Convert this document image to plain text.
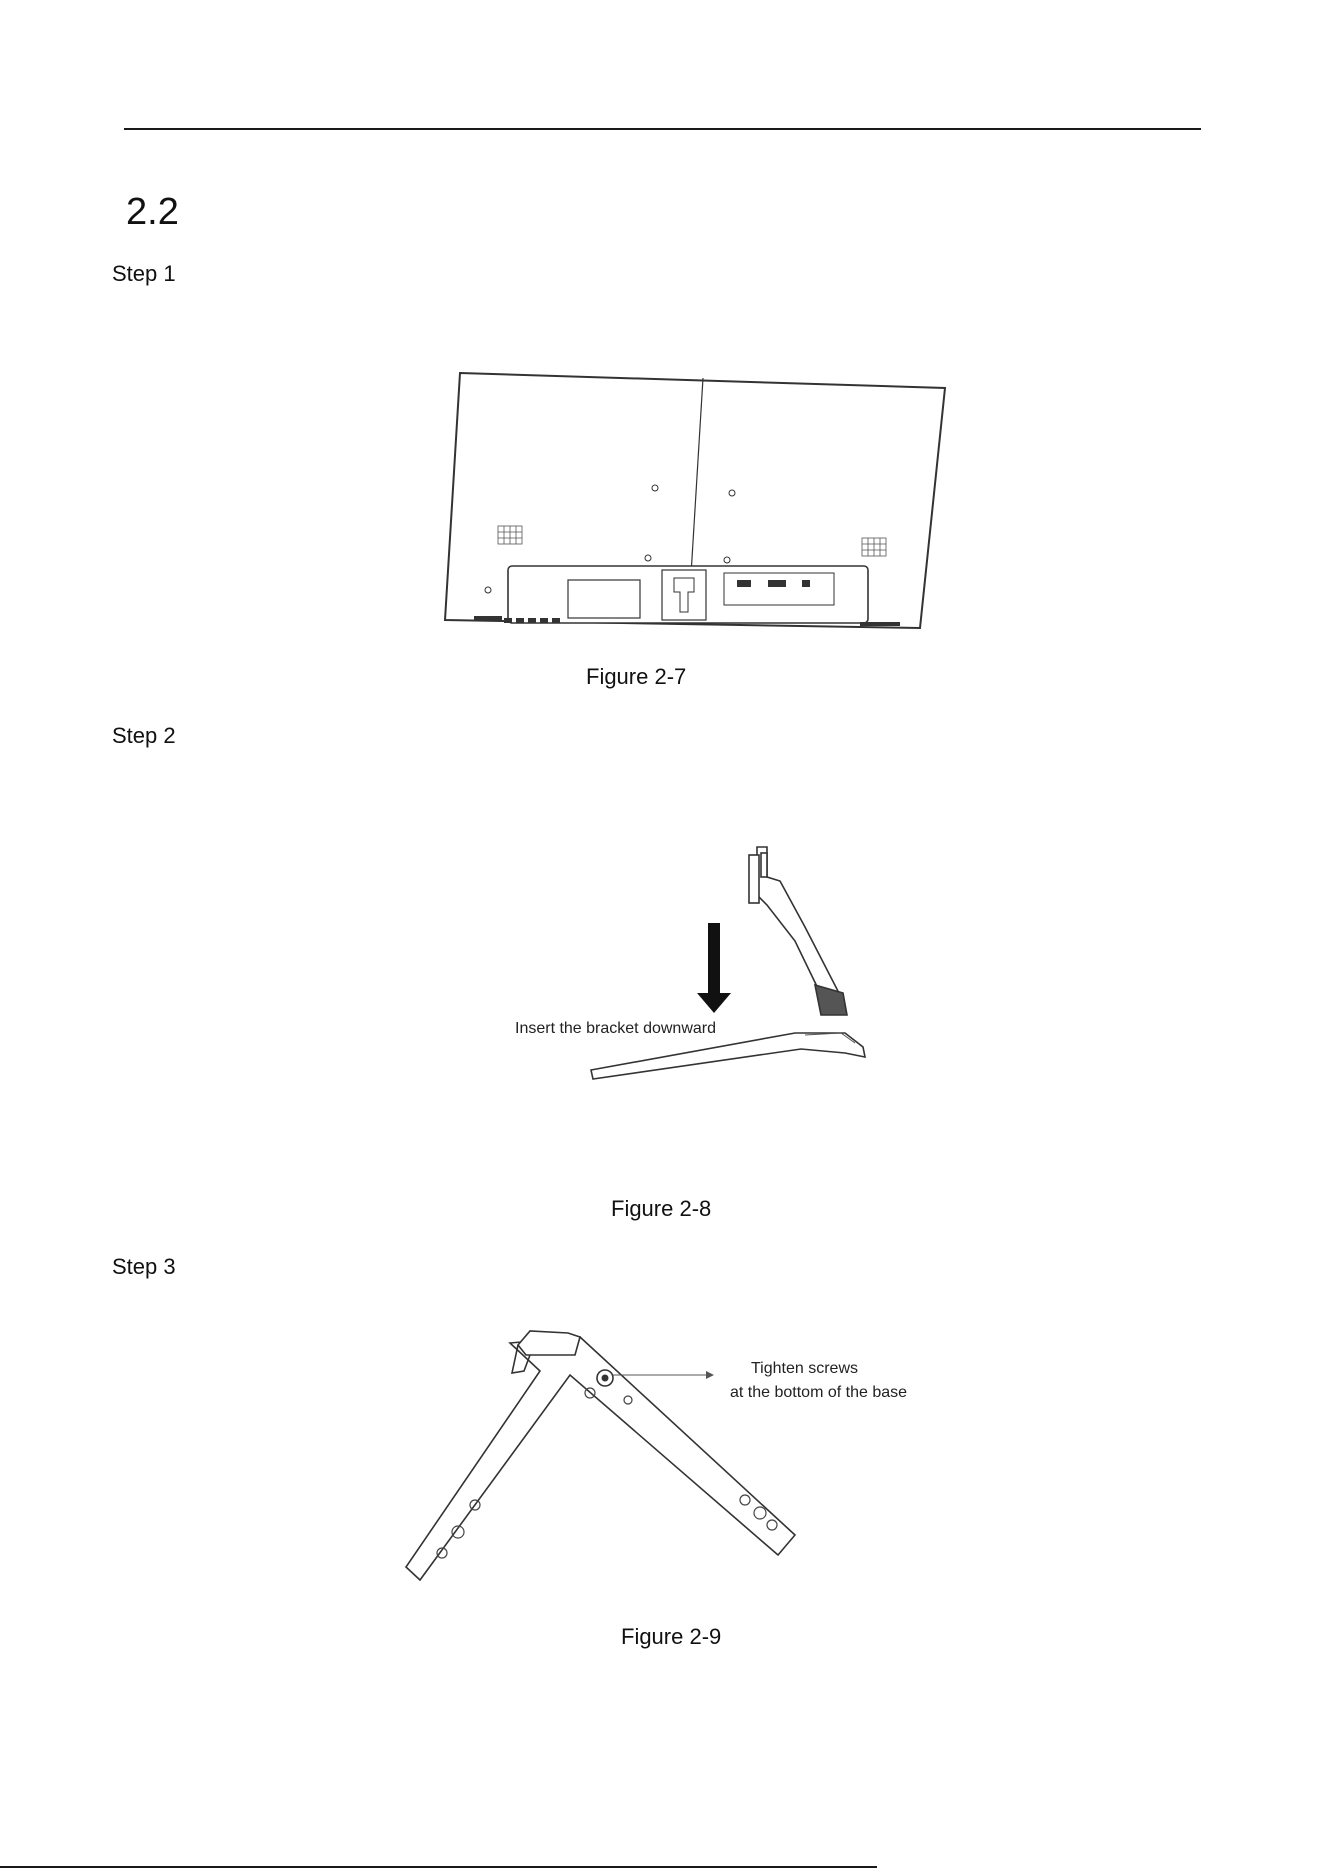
2.2
Step 1
Figure 2-7
Step 2
Insert the bracket downward
Figure 2-8
Step 3
Tighten screws
at the bottom of the base
Figure 2-9
